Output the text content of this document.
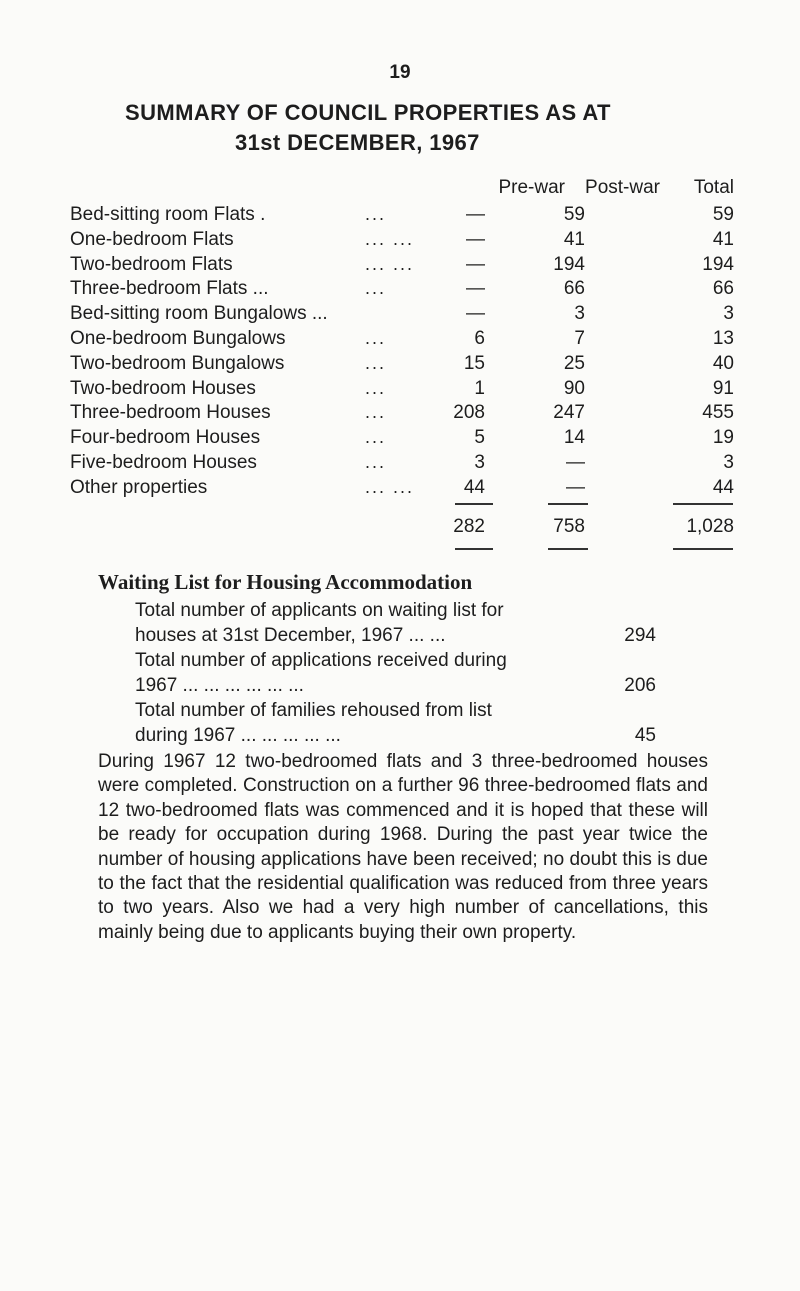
19
SUMMARY OF COUNCIL PROPERTIES AS AT
31st DECEMBER, 1967
Pre-war	Post-war	Total
Bed-sitting room Flats .	...	—	59	59
One-bedroom Flats	... ...	—	41	41
Two-bedroom Flats	... ...	—	194	194
Three-bedroom Flats ...	...	—	66	66
Bed-sitting room Bungalows ...	—	3	3
One-bedroom Bungalows	...	6	7	13
Two-bedroom Bungalows	...	15	25	40
Two-bedroom Houses	...	1	90	91
Three-bedroom Houses	...	208	247	455
Four-bedroom Houses	...	5	14	19
Five-bedroom Houses	...	3	—	3
Other properties	... ...	44	—	44
282	758	1,028
Waiting List for Housing Accommodation
Total number of applicants on waiting list for
houses at 31st December, 1967 ... ...	294
Total number of applications received during
1967 ... ... ... ... ... ...	206
Total number of families rehoused from list
during 1967 ... ... ... ... ...	45
During 1967 12 two-bedroomed flats and 3 three-bedroomed houses were completed. Construction on a further 96 three-bedroomed flats and 12 two-bedroomed flats was commenced and it is hoped that these will be ready for occupation during 1968. During the past year twice the number of housing applications have been received; no doubt this is due to the fact that the residential qualification was reduced from three years to two years. Also we had a very high number of cancellations, this mainly being due to applicants buying their own property.
